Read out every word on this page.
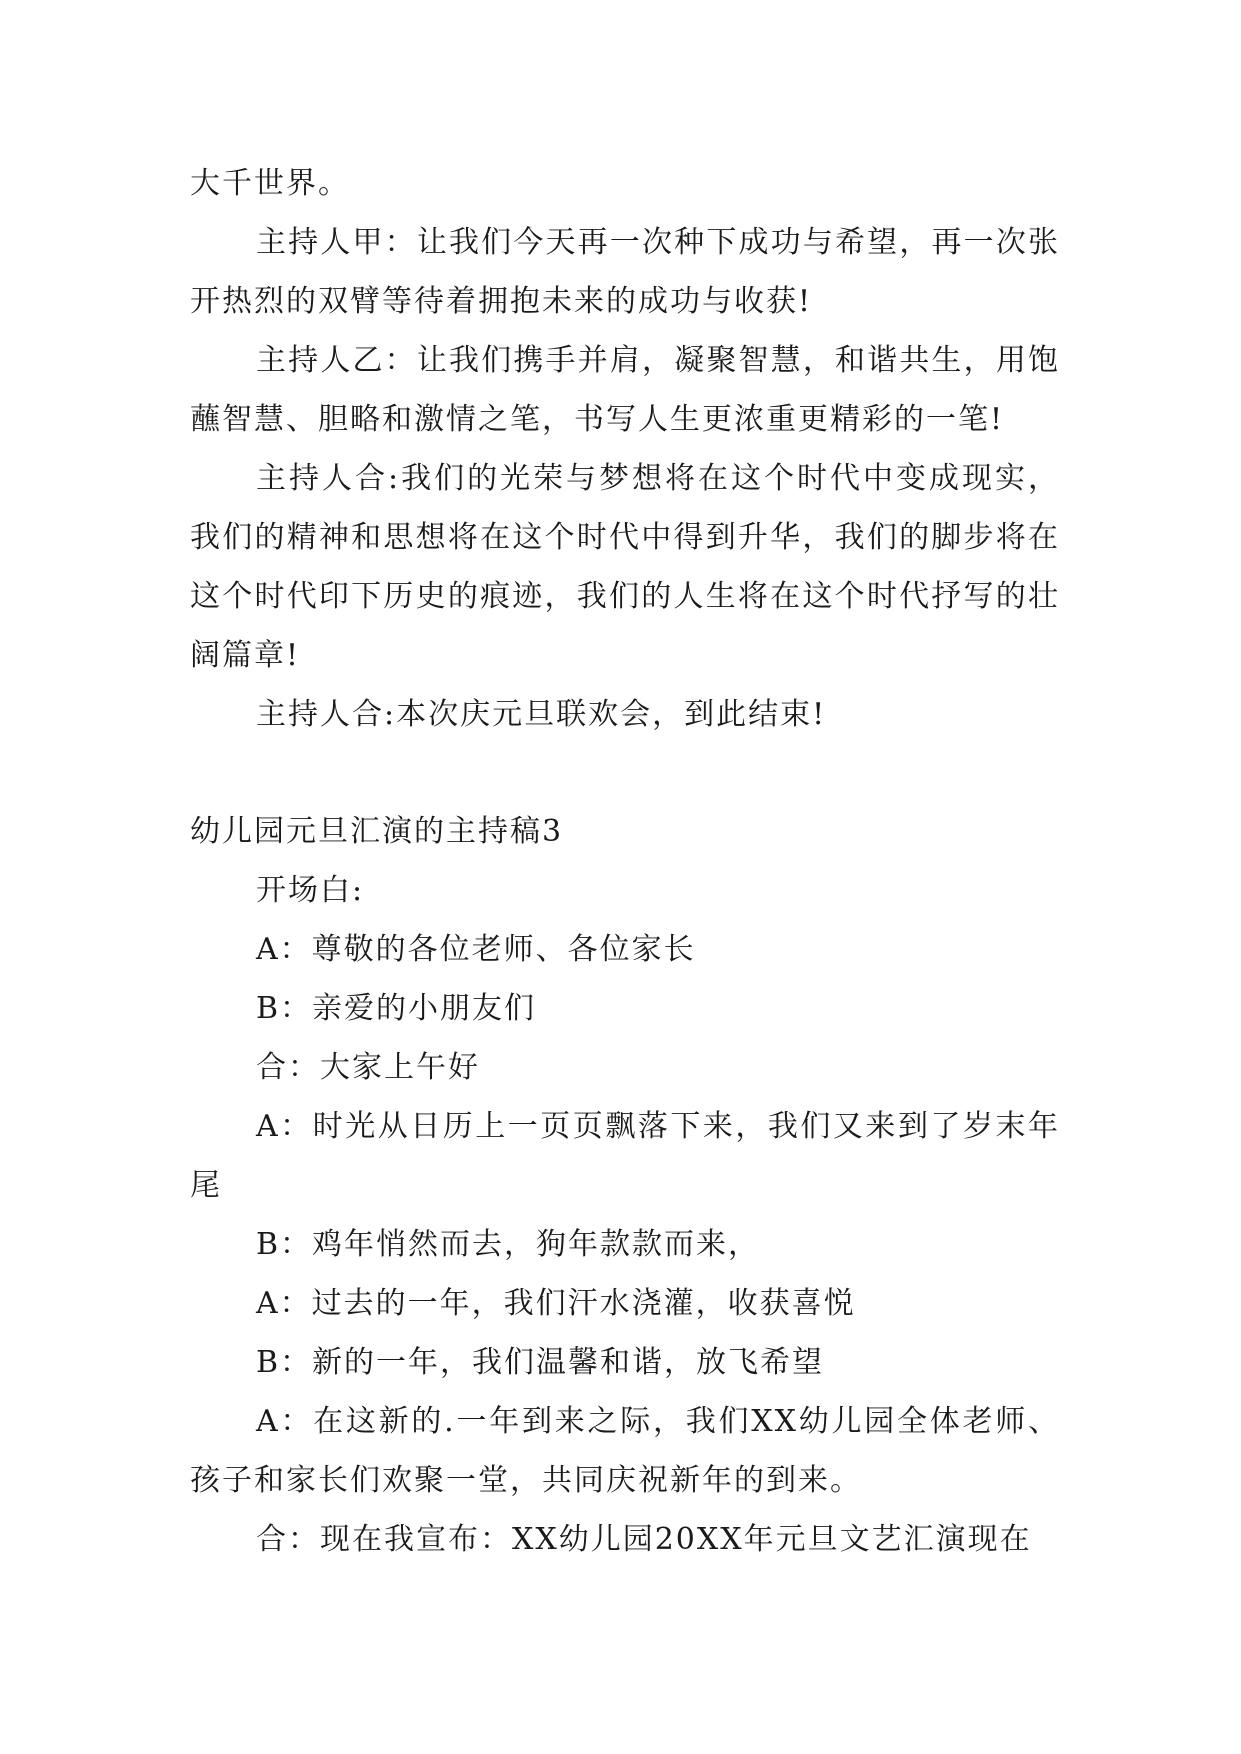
大千世界。

主持人甲：让我们今天再一次种下成功与希望，再一次张开热烈的双臂等待着拥抱未来的成功与收获!

主持人乙：让我们携手并肩，凝聚智慧，和谐共生，用饱蘸智慧、胆略和激情之笔，书写人生更浓重更精彩的一笔!

主持人合:我们的光荣与梦想将在这个时代中变成现实，我们的精神和思想将在这个时代中得到升华，我们的脚步将在这个时代印下历史的痕迹，我们的人生将在这个时代抒写的壮阔篇章!

主持人合:本次庆元旦联欢会，到此结束!

幼儿园元旦汇演的主持稿3

开场白:

A：尊敬的各位老师、各位家长

B：亲爱的小朋友们

合：大家上午好

A：时光从日历上一页页飘落下来，我们又来到了岁末年尾

B：鸡年悄然而去，狗年款款而来，

A：过去的一年，我们汗水浇灌，收获喜悦

B：新的一年，我们温馨和谐，放飞希望

A：在这新的.一年到来之际，我们XX幼儿园全体老师、孩子和家长们欢聚一堂，共同庆祝新年的到来。

合：现在我宣布：XX幼儿园20XX年元旦文艺汇演现在
